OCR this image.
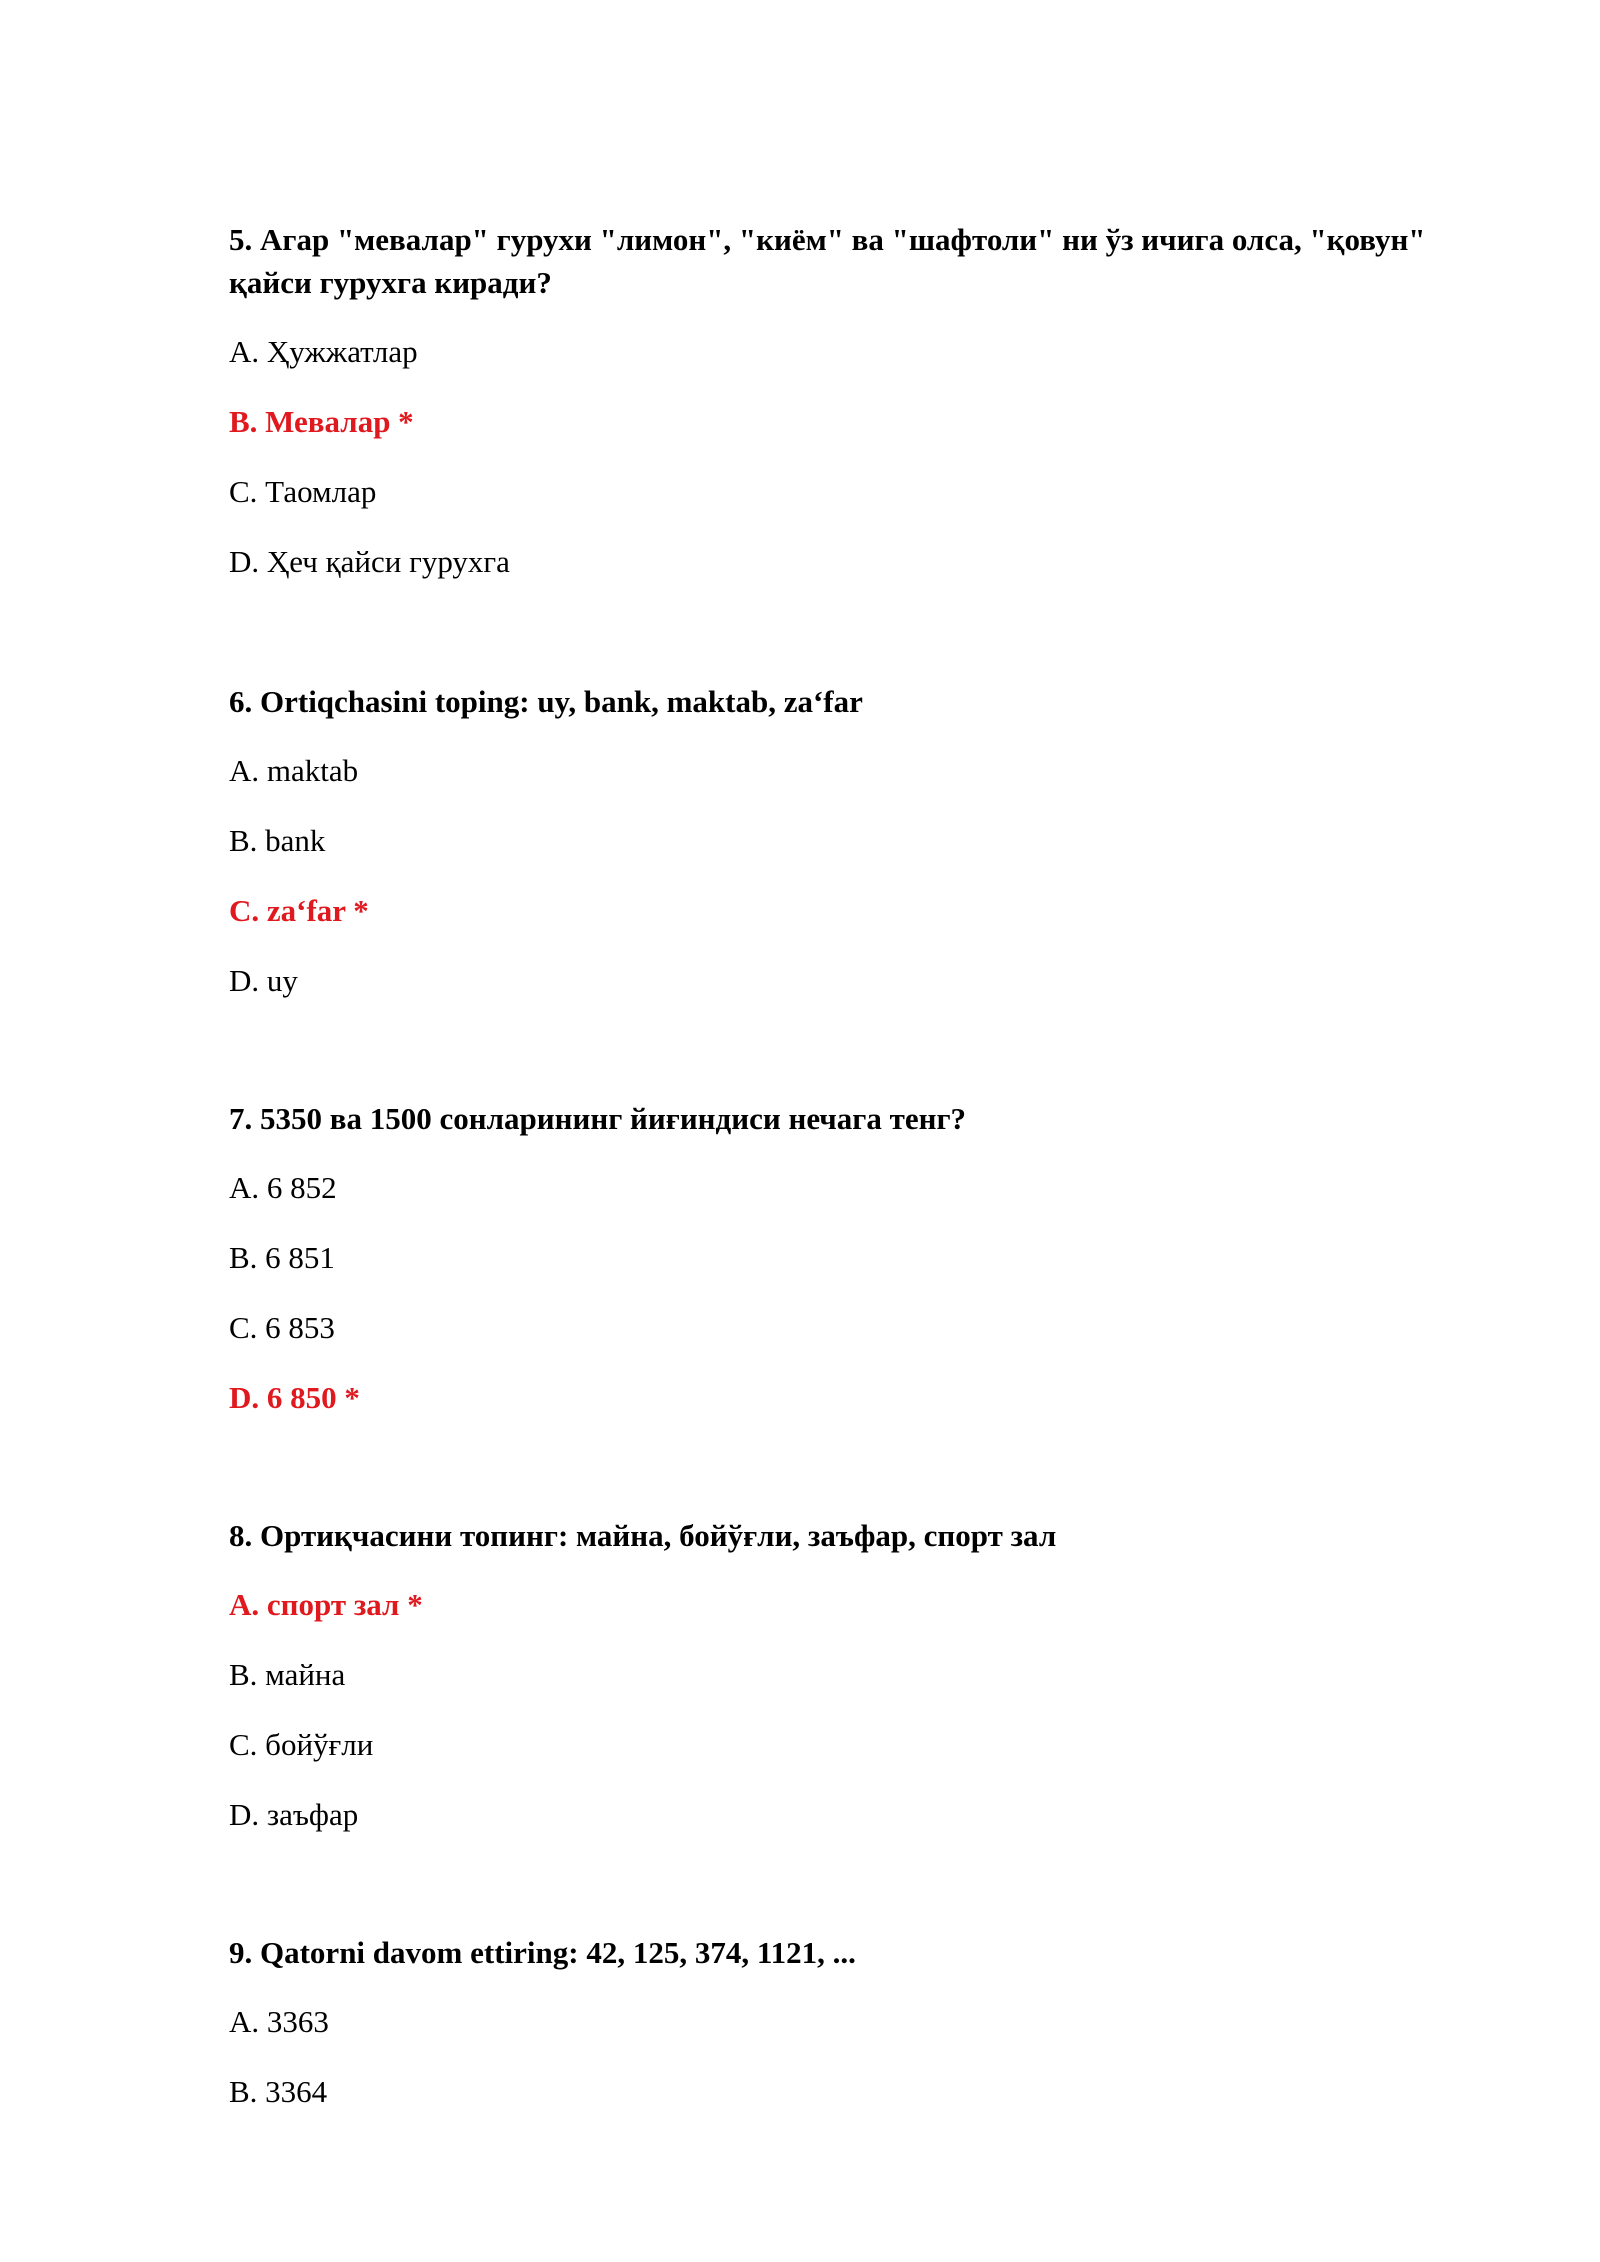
5. Агар "мевалар" гурухи "лимон", "киём" ва "шафтоли" ни ўз ичига олса, "қовун" қайси гурухга киради?

A. Ҳужжатлар

B. Мевалар *

C. Таомлар

D. Ҳеч қайси гурухга

6. Ortiqchasini toping: uy, bank, maktab, za‘far

A. maktab

B. bank

C. za‘far *

D. uy

7. 5350 ва 1500 сонларининг йиғиндиси нечага тенг?

A. 6 852

B. 6 851

C. 6 853

D. 6 850 *

8. Ортиқчасини топинг: майна, бойўғли, заъфар, спорт зал

A. спорт зал *

B. майна

C. бойўғли

D. заъфар

9. Qatorni davom ettiring: 42, 125, 374, 1121, ...

A. 3363

B. 3364
